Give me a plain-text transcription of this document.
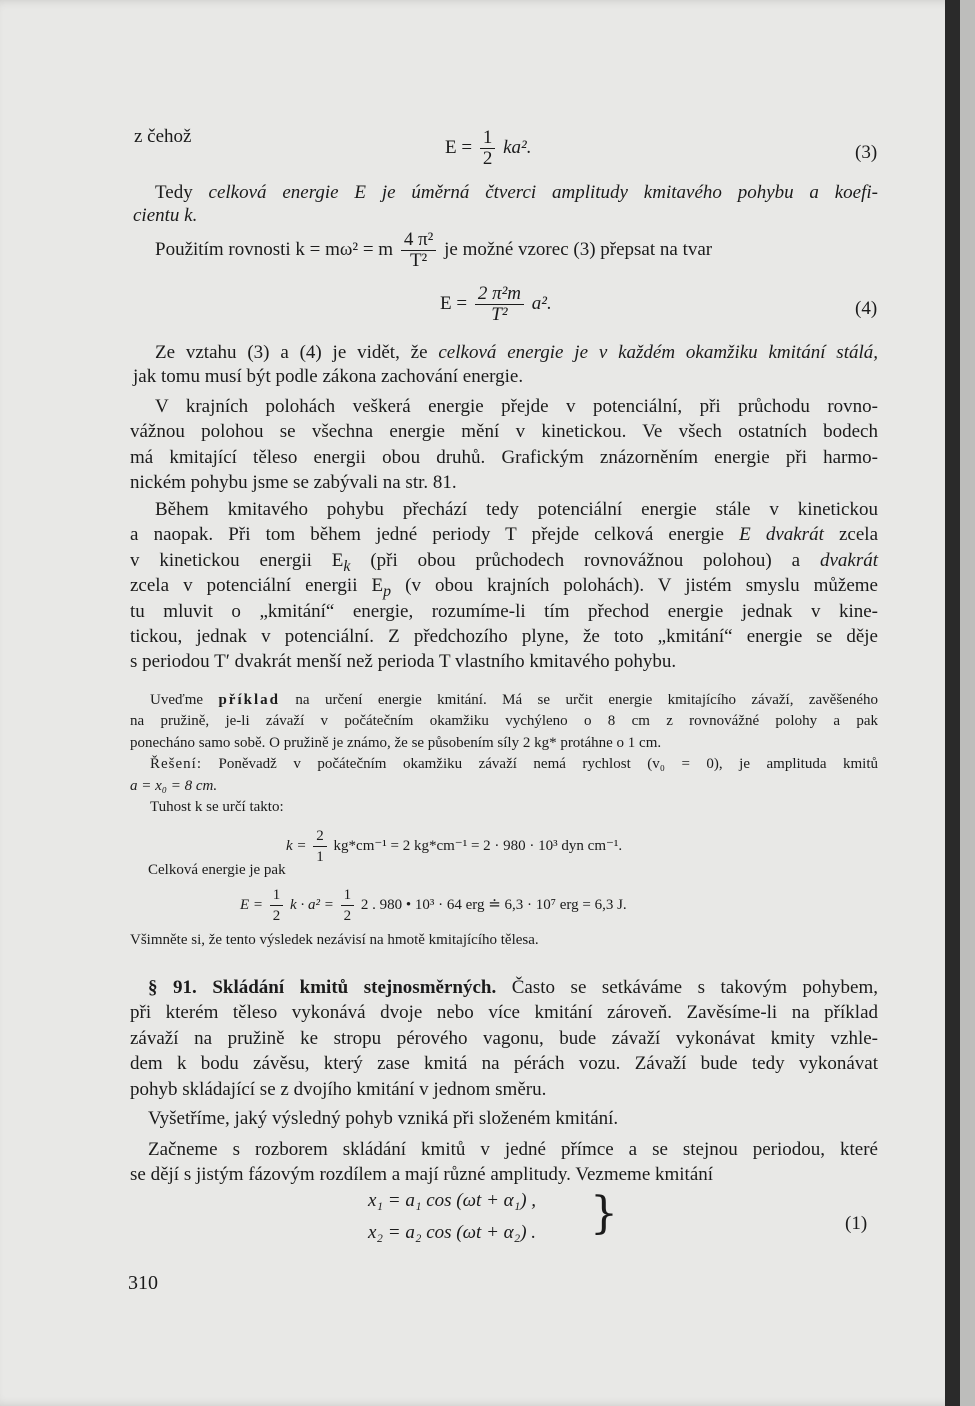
z čehož
$E = \frac{1}{2} ka^2$.	(3)
Tedy celková energie E je úměrná čtverci amplitudy kmitavého pohybu a koefi-
cientu k.
Použitím rovnosti k = mω² = m $\frac{\text{4 π²}}{\text{T²}}$ je možné vzorec (3) přepsat na tvar
$E = \frac{\text{2 π²m}}{\text{T²}} a^2$.	(4)
Ze vztahu (3) a (4) je vidět, že celková energie je v každém okamžiku kmitání stálá,
jak tomu musí být podle zákona zachování energie.
V krajních polohách veškerá energie přejde v potenciální, při průchodu rovno-
vážnou polohou se všechna energie mění v kinetickou. Ve všech ostatních bodech
má kmitající těleso energii obou druhů. Grafickým znázorněním energie při harmo-
nickém pohybu jsme se zabývali na str. 81.
Během kmitavého pohybu přechází tedy potenciální energie stále v kinetickou
a naopak. Při tom během jedné periody T přejde celková energie E dvakrát zcela
v kinetickou energii $E_k$ (při obou průchodech rovnovážnou polohou) a dvakrát
zcela v potenciální energii $E_p$ (v obou krajních polohách). V jistém smyslu můžeme
tu mluvit o „kmitání“ energie, rozumíme-li tím přechod energie jednak v kine-
tickou, jednak v potenciální. Z předchozího plyne, že toto „kmitání“ energie se děje
s periodou T′ dvakrát menší než perioda T vlastního kmitavého pohybu.
Uveďme příklad na určení energie kmitání. Má se určit energie kmitajícího závaží, zavěšeného
na pružině, je-li závaží v počátečním okamžiku vychýleno o 8 cm z rovnovážné polohy a pak
ponecháno samo sobě. O pružině je známo, že se působením síly 2 kg* protáhne o 1 cm.
Řešení: Poněvadž v počátečním okamžiku závaží nemá rychlost (v₀ = 0), je amplituda kmitů
a = x₀ = 8 cm.
Tuhost k se určí takto:
$k = \frac{2}{1} kg*cm^{-1} = 2$ kg*cm⁻¹ = 2 · 980 · 10³ dyn cm⁻¹.
Celková energie je pak
$E = \frac{1}{2}$ $k \cdot a^2 = \frac{1}{2} 2$ . 980 • 10³ · 64 erg ≐ 6,3 · 10⁷ erg = 6,3 J.
Všimněte si, že tento výsledek nezávisí na hmotě kmitajícího tělesa.
§ 91. Skládání kmitů stejnosměrných. Často se setkáváme s takovým pohybem,
při kterém těleso vykonává dvoje nebo více kmitání zároveň. Zavěsíme-li na příklad
závaží na pružině ke stropu pérového vagonu, bude závaží vykonávat kmity vzhle-
dem k bodu závěsu, který zase kmitá na pérách vozu. Závaží bude tedy vykonávat
pohyb skládající se z dvojího kmitání v jednom směru.
Vyšetříme, jaký výsledný pohyb vzniká při složeném kmitání.
Začneme s rozborem skládání kmitů v jedné přímce a se stejnou periodou, které
se dějí s jistým fázovým rozdílem a mají různé amplitudy. Vezmeme kmitání
x₁ = a₁ cos (ωt + α₁) ,
x₂ = a₂ cos (ωt + α₂) . }	(1)
310
